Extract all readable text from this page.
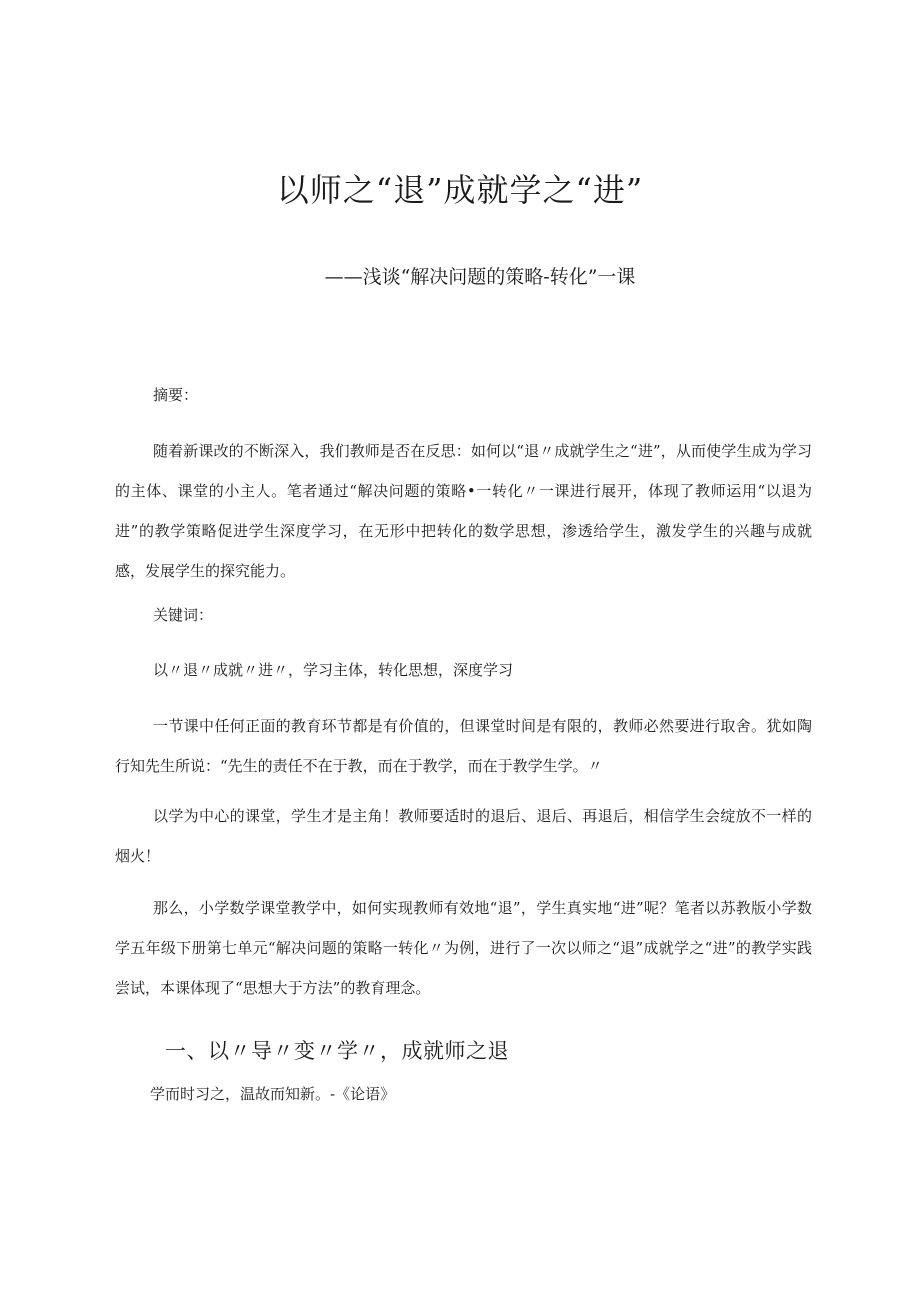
以师之“退”成就学之“进”
——浅谈“解决问题的策略-转化”一课
摘要：
随着新课改的不断深入，我们教师是否在反思：如何以“退〃成就学生之“进”，从而使学生成为学习的主体、课堂的小主人。笔者通过“解决问题的策略•一转化〃一课进行展开，体现了教师运用“以退为进”的教学策略促进学生深度学习，在无形中把转化的数学思想，渗透给学生，激发学生的兴趣与成就感，发展学生的探究能力。
关键词：
以〃退〃成就〃进〃，学习主体，转化思想，深度学习
一节课中任何正面的教育环节都是有价值的，但课堂时间是有限的，教师必然要进行取舍。犹如陶行知先生所说：“先生的责任不在于教，而在于教学，而在于教学生学。〃
以学为中心的课堂，学生才是主角！教师要适时的退后、退后、再退后，相信学生会绽放不一样的烟火！
那么，小学数学课堂教学中，如何实现教师有效地“退”，学生真实地“进”呢？笔者以苏教版小学数学五年级下册第七单元“解决问题的策略一转化〃为例，进行了一次以师之“退”成就学之“进”的教学实践尝试，本课体现了“思想大于方法”的教育理念。
一、以〃导〃变〃学〃，成就师之退
学而时习之，温故而知新。-《论语》
